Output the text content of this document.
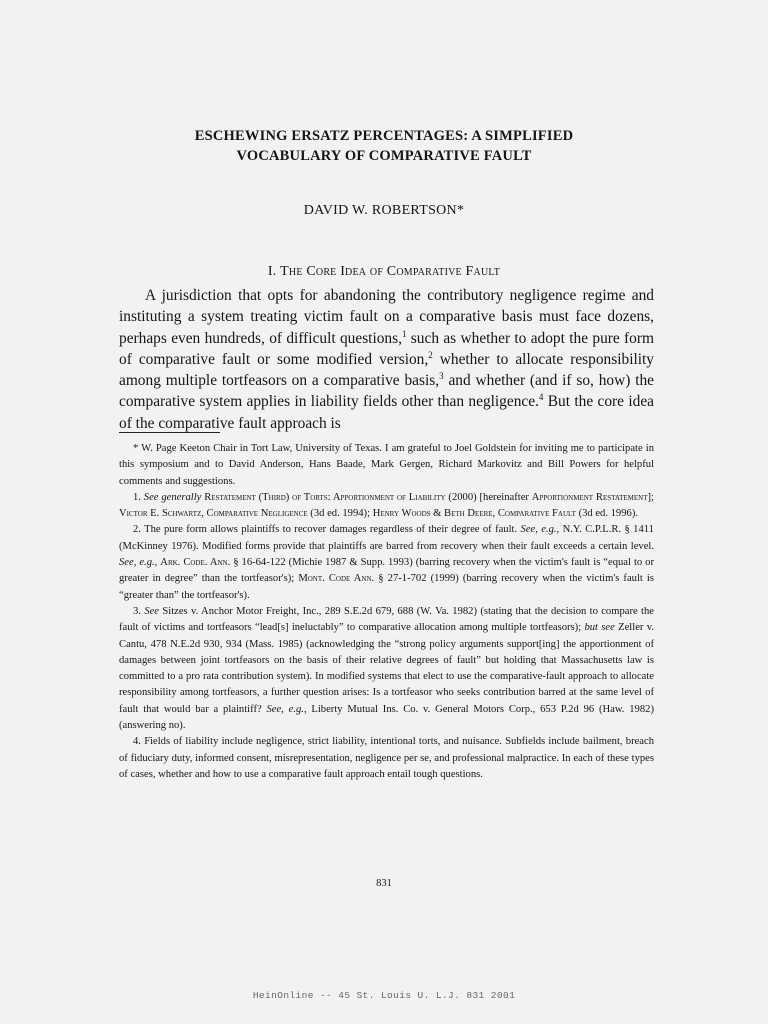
ESCHEWING ERSATZ PERCENTAGES: A SIMPLIFIED
VOCABULARY OF COMPARATIVE FAULT
DAVID W. ROBERTSON*
I. The Core Idea of Comparative Fault

A jurisdiction that opts for abandoning the contributory negligence regime and instituting a system treating victim fault on a comparative basis must face dozens, perhaps even hundreds, of difficult questions,$^1$ such as whether to adopt the pure form of comparative fault or some modified version,$^2$ whether to allocate responsibility among multiple tortfeasors on a comparative basis,$^3$ and whether (and if so, how) the comparative system applies in liability fields other than negligence.$^4$ But the core idea of the comparative fault approach is

* W. Page Keeton Chair in Tort Law, University of Texas. I am grateful to Joel Goldstein for inviting me to participate in this symposium and to David Anderson, Hans Baade, Mark Gergen, Richard Markovitz and Bill Powers for helpful comments and suggestions.

1. See generally Restatement (Third) of Torts: Apportionment of Liability (2000) [hereinafter Apportionment Restatement]; Victor E. Schwartz, Comparative Negligence (3d ed. 1994); Henry Woods & Beth Deere, Comparative Fault (3d ed. 1996).

2. The pure form allows plaintiffs to recover damages regardless of their degree of fault. See, e.g., N.Y. C.P.L.R. § 1411 (McKinney 1976). Modified forms provide that plaintiffs are barred from recovery when their fault exceeds a certain level. See, e.g., Ark. Code. Ann. § 16-64-122 (Michie 1987 & Supp. 1993) (barring recovery when the victim's fault is “equal to or greater in degree” than the tortfeasor's); Mont. Code Ann. § 27-1-702 (1999) (barring recovery when the victim's fault is “greater than” the tortfeasor's).

3. See Sitzes v. Anchor Motor Freight, Inc., 289 S.E.2d 679, 688 (W. Va. 1982) (stating that the decision to compare the fault of victims and tortfeasors “lead[s] ineluctably” to comparative allocation among multiple tortfeasors); but see Zeller v. Cantu, 478 N.E.2d 930, 934 (Mass. 1985) (acknowledging the “strong policy arguments support[ing] the apportionment of damages between joint tortfeasors on the basis of their relative degrees of fault” but holding that Massachusetts law is committed to a pro rata contribution system). In modified systems that elect to use the comparative-fault approach to allocate responsibility among tortfeasors, a further question arises: Is a tortfeasor who seeks contribution barred at the same level of fault that would bar a plaintiff? See, e.g., Liberty Mutual Ins. Co. v. General Motors Corp., 653 P.2d 96 (Haw. 1982) (answering no).

4. Fields of liability include negligence, strict liability, intentional torts, and nuisance. Subfields include bailment, breach of fiduciary duty, informed consent, misrepresentation, negligence per se, and professional malpractice. In each of these types of cases, whether and how to use a comparative fault approach entail tough questions.

831
HeinOnline -- 45 St. Louis U. L.J. 831 2001
